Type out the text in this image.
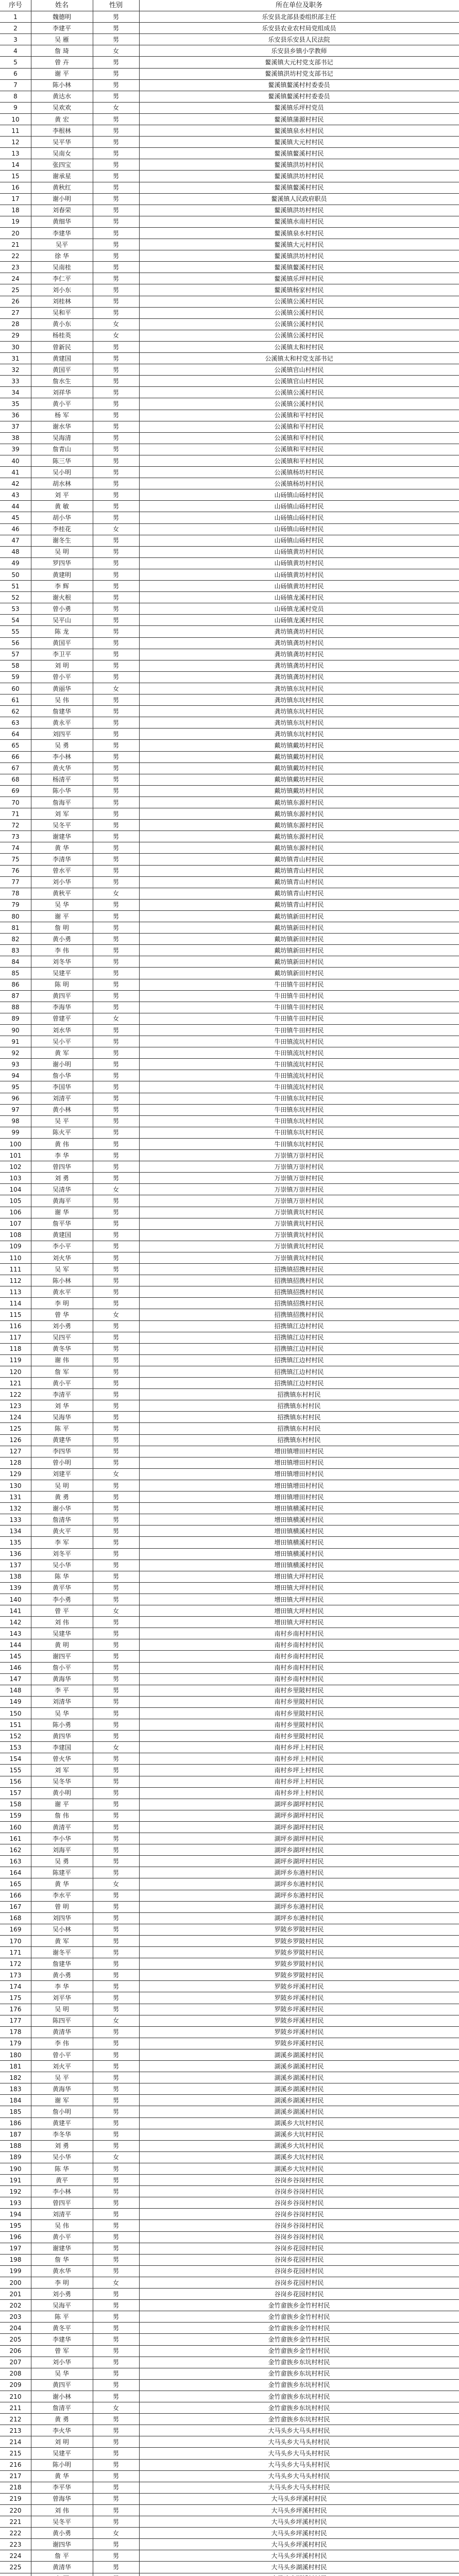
序号	姓名	性别	所在单位及职务
1	魏德明	男	乐安县北部县委组织部主任
2	李建平	男	乐安县农业农村局党组成员
3	吴 雁	男	乐安县乐安县人民法院
4	詹 琦	女	乐安县乡镇小学教师
5	曾 卉	男	鳌溪镇大元村党支部书记
6	谢 平	男	鳌溪镇洪坊村党支部书记
7	陈小林	男	鳌溪镇鳌溪村村委委员
8	黄达水	男	鳌溪镇鳌溪村村委委员
9	吴欢欢	女	鳌溪镇乐坪村党员
10	黄 宏	男	鳌溪镇蒲源村村民
11	李根林	男	鳌溪镇泉水村村民
12	吴平华	男	鳌溪镇大元村村民
13	吴南女	男	鳌溪镇鳌溪村村民
14	张四宝	男	鳌溪镇洪坊村村民
15	谢承星	男	鳌溪镇洪坊村村民
16	黄秋红	男	鳌溪镇鳌溪村村民
17	谢小明	男	鳌溪镇人民政府职员
18	刘春荣	男	鳌溪镇洪坊村村民
19	黄细华	男	鳌溪镇水南村村民
20	李建华	男	鳌溪镇泉水村村民
21	吴平	男	鳌溪镇大元村村民
22	徐 华	男	鳌溪镇洪坊村村民
23	吴南桂	男	鳌溪镇鳌溪村村民
24	李仁平	男	鳌溪镇乐坪村村民
25	刘小东	男	鳌溪镇杨家村村民
26	刘桂林	男	公溪镇公溪村村民
27	吴和平	男	公溪镇公溪村村民
28	黄小东	女	公溪镇公溪村村民
29	杨桂英	女	公溪镇公溪村村民
30	曾新民	男	公溪镇太和村村民
31	黄建国	男	公溪镇太和村党支部书记
32	黄国平	男	公溪镇官山村村民
33	詹水生	男	公溪镇官山村村民
34	刘祥华	男	公溪镇公溪村村民
35	黄小平	男	公溪镇公溪村村民
36	杨 军	男	公溪镇和平村村民
37	谢水华	男	公溪镇和平村村民
38	吴海清	男	公溪镇和平村村民
39	詹青山	男	公溪镇和平村村民
40	陈三华	男	公溪镇和平村村民
41	吴小明	男	公溪镇杨坊村村民
42	胡水林	男	公溪镇杨坊村村民
43	刘 平	男	山砀镇山砀村村民
44	黄 敏	男	山砀镇山砀村村民
45	胡小华	男	山砀镇山砀村村民
46	李桂花	女	山砀镇山砀村村民
47	谢冬生	男	山砀镇山砀村村民
48	吴 明	男	山砀镇黄坊村村民
49	罗四华	男	山砀镇黄坊村村民
50	黄建明	男	山砀镇黄坊村村民
51	李 辉	男	山砀镇黄坊村村民
52	谢火根	男	山砀镇龙溪村村民
53	曾小勇	男	山砀镇龙溪村党员
54	吴平山	男	山砀镇龙溪村村民
55	陈 龙	男	龚坊镇龚坊村村民
56	黄国平	男	龚坊镇龚坊村村民
57	李卫平	男	龚坊镇龚坊村村民
58	刘 明	男	龚坊镇龚坊村村民
59	曾小平	男	龚坊镇龚坊村村民
60	黄丽华	女	龚坊镇东坑村村民
61	吴 伟	男	龚坊镇东坑村村民
62	詹建华	男	龚坊镇东坑村村民
63	黄永平	男	龚坊镇东坑村村民
64	刘四平	男	龚坊镇东坑村村民
65	吴 勇	男	戴坊镇戴坊村村民
66	李小林	男	戴坊镇戴坊村村民
67	黄火华	男	戴坊镇戴坊村村民
68	杨清平	男	戴坊镇戴坊村村民
69	陈小华	男	戴坊镇戴坊村村民
70	詹海平	男	戴坊镇东源村村民
71	刘 军	男	戴坊镇东源村村民
72	吴冬平	男	戴坊镇东源村村民
73	谢建华	男	戴坊镇东源村村民
74	黄 华	男	戴坊镇东源村村民
75	李清华	男	戴坊镇青山村村民
76	曾水平	男	戴坊镇青山村村民
77	刘小华	男	戴坊镇青山村村民
78	黄秋平	女	戴坊镇青山村村民
79	吴 华	男	戴坊镇青山村村民
80	谢 平	男	戴坊镇新田村村民
81	詹 明	男	戴坊镇新田村村民
82	黄小勇	男	戴坊镇新田村村民
83	李 伟	男	戴坊镇新田村村民
84	刘冬华	男	戴坊镇新田村村民
85	吴建平	男	戴坊镇新田村村民
86	陈 明	男	牛田镇牛田村村民
87	黄四平	男	牛田镇牛田村村民
88	李海华	男	牛田镇牛田村村民
89	曾建平	女	牛田镇牛田村村民
90	刘水华	男	牛田镇牛田村村民
91	吴小平	男	牛田镇流坑村村民
92	黄 军	男	牛田镇流坑村村民
93	谢小明	男	牛田镇流坑村村民
94	詹小华	男	牛田镇流坑村村民
95	李国华	男	牛田镇流坑村村民
96	刘清平	男	牛田镇东坑村村民
97	黄小林	男	牛田镇东坑村村民
98	吴 平	男	牛田镇东坑村村民
99	陈火平	男	牛田镇东坑村村民
100	黄 伟	男	牛田镇东坑村村民
101	李 华	男	万崇镇万崇村村民
102	曾四华	男	万崇镇万崇村村民
103	刘 勇	男	万崇镇万崇村村民
104	吴清华	女	万崇镇万崇村村民
105	黄海平	男	万崇镇万崇村村民
106	谢 华	男	万崇镇黄坑村村民
107	詹平华	男	万崇镇黄坑村村民
108	黄建国	男	万崇镇黄坑村村民
109	李小平	男	万崇镇黄坑村村民
110	刘火华	男	万崇镇黄坑村村民
111	吴 军	男	招携镇招携村村民
112	陈小林	男	招携镇招携村村民
113	黄水平	男	招携镇招携村村民
114	李 明	男	招携镇招携村村民
115	曾 华	女	招携镇招携村村民
116	刘小勇	男	招携镇江边村村民
117	吴四平	男	招携镇江边村村民
118	黄冬华	男	招携镇江边村村民
119	谢 伟	男	招携镇江边村村民
120	詹 军	男	招携镇江边村村民
121	黄小平	男	招携镇江边村村民
122	李清平	男	招携镇东村村民
123	刘 华	男	招携镇东村村民
124	吴海华	男	招携镇东村村民
125	陈 平	男	招携镇东村村民
126	黄建华	男	招携镇东村村民
127	李四华	男	增田镇增田村村民
128	曾小明	男	增田镇增田村村民
129	刘建平	女	增田镇增田村村民
130	吴 明	男	增田镇增田村村民
131	黄 勇	男	增田镇增田村村民
132	谢小华	男	增田镇横溪村村民
133	詹清华	男	增田镇横溪村村民
134	黄火平	男	增田镇横溪村村民
135	李 军	男	增田镇横溪村村民
136	刘冬平	男	增田镇横溪村村民
137	吴小华	男	增田镇横溪村村民
138	陈 华	男	增田镇大坪村村民
139	黄平华	男	增田镇大坪村村民
140	李小勇	男	增田镇大坪村村民
141	曾 平	女	增田镇大坪村村民
142	刘 伟	男	增田镇大坪村村民
143	吴建华	男	南村乡南村村村民
144	黄 明	男	南村乡南村村村民
145	谢四平	男	南村乡南村村村民
146	詹小平	男	南村乡南村村村民
147	黄海华	男	南村乡南村村村民
148	李 平	男	南村乡里陂村村民
149	刘清华	男	南村乡里陂村村民
150	吴 华	男	南村乡里陂村村民
151	陈小勇	男	南村乡里陂村村民
152	黄四华	男	南村乡里陂村村民
153	李建国	女	南村乡坪上村村民
154	曾火华	男	南村乡坪上村村民
155	刘 军	男	南村乡坪上村村民
156	吴冬华	男	南村乡坪上村村民
157	黄小明	男	南村乡坪上村村民
158	谢 平	男	湖坪乡湖坪村村民
159	詹 伟	男	湖坪乡湖坪村村民
160	黄清平	男	湖坪乡湖坪村村民
161	李小华	男	湖坪乡湖坪村村民
162	刘海平	男	湖坪乡湖坪村村民
163	吴 勇	男	湖坪乡湖坪村村民
164	陈建平	男	湖坪乡东港村村民
165	黄 华	女	湖坪乡东港村村民
166	李水平	男	湖坪乡东港村村民
167	曾 明	男	湖坪乡东港村村民
168	刘四华	男	湖坪乡东港村村民
169	吴小林	男	罗陂乡罗陂村村民
170	黄 军	男	罗陂乡罗陂村村民
171	谢冬平	男	罗陂乡罗陂村村民
172	詹建华	男	罗陂乡罗陂村村民
173	黄小勇	男	罗陂乡罗陂村村民
174	李 华	男	罗陂乡坪溪村村民
175	刘平华	男	罗陂乡坪溪村村民
176	吴 明	男	罗陂乡坪溪村村民
177	陈四平	女	罗陂乡坪溪村村民
178	黄清华	男	罗陂乡坪溪村村民
179	李 伟	男	罗陂乡坪溪村村民
180	曾小平	男	湖溪乡湖溪村村民
181	刘火平	男	湖溪乡湖溪村村民
182	吴 平	男	湖溪乡湖溪村村民
183	黄海华	男	湖溪乡湖溪村村民
184	谢 军	男	湖溪乡湖溪村村民
185	詹小明	男	湖溪乡湖溪村村民
186	黄建平	男	湖溪乡大坑村村民
187	李冬华	男	湖溪乡大坑村村民
188	刘 勇	男	湖溪乡大坑村村民
189	吴小华	女	湖溪乡大坑村村民
190	陈 华	男	湖溪乡大坑村村民
191	黄平	男	谷岗乡谷岗村村民
192	李小林	男	谷岗乡谷岗村村民
193	曾四平	男	谷岗乡谷岗村村民
194	刘清平	男	谷岗乡谷岗村村民
195	吴 伟	男	谷岗乡谷岗村村民
196	黄小平	男	谷岗乡谷岗村村民
197	谢建华	男	谷岗乡花园村村民
198	詹 华	男	谷岗乡花园村村民
199	黄水华	男	谷岗乡花园村村民
200	李 明	女	谷岗乡花园村村民
201	刘小勇	男	谷岗乡花园村村民
202	吴海平	男	金竹畲族乡金竹村村民
203	陈 平	男	金竹畲族乡金竹村村民
204	黄冬平	男	金竹畲族乡金竹村村民
205	李建华	男	金竹畲族乡金竹村村民
206	曾 军	男	金竹畲族乡金竹村村民
207	刘小华	男	金竹畲族乡东坑村村民
208	吴 华	男	金竹畲族乡东坑村村民
209	黄四平	男	金竹畲族乡东坑村村民
210	谢小林	男	金竹畲族乡东坑村村民
211	詹清平	女	金竹畲族乡东坑村村民
212	黄 勇	男	金竹畲族乡东坑村村民
213	李火华	男	大马头乡大马头村村民
214	刘 明	男	大马头乡大马头村村民
215	吴建平	男	大马头乡大马头村村民
216	陈小明	男	大马头乡大马头村村民
217	黄 华	男	大马头乡大马头村村民
218	李平华	男	大马头乡大马头村村民
219	曾海华	男	大马头乡坪溪村村民
220	刘 伟	男	大马头乡坪溪村村民
221	吴冬平	男	大马头乡坪溪村村民
222	黄小勇	女	大马头乡坪溪村村民
223	谢四华	男	大马头乡坪溪村村民
224	詹 平	男	大马头乡坪溪村村民
225	黄清华	男	大马头乡湖溪村村民
